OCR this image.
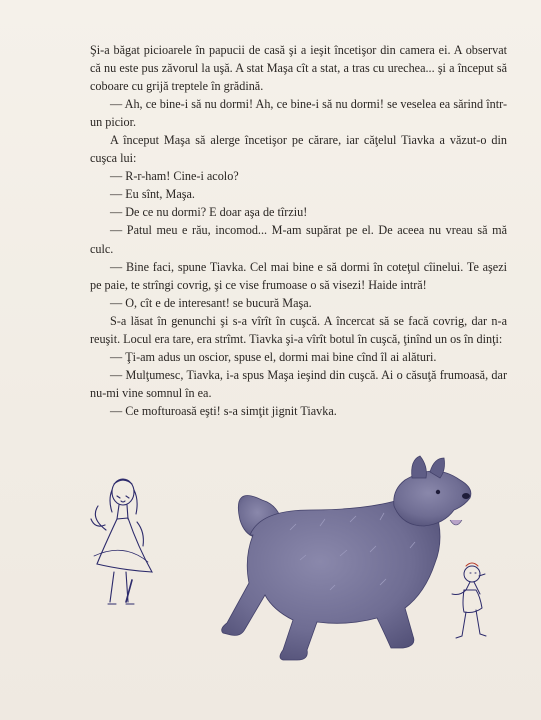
Şi-a băgat picioarele în papucii de casă şi a ieşit încetişor din camera ei. A observat că nu este pus zăvorul la uşă. A stat Maşa cît a stat, a tras cu urechea... şi a început să coboare cu grijă treptele în grădină.

— Ah, ce bine-i să nu dormi! Ah, ce bine-i să nu dormi! se veselea ea sărind într-un picior.

A început Maşa să alerge încetişor pe cărare, iar căţelul Tiavka a văzut-o din cuşca lui:

— R-r-ham! Cine-i acolo?

— Eu sînt, Maşa.

— De ce nu dormi? E doar aşa de tîrziu!

— Patul meu e rău, incomod... M-am supărat pe el. De aceea nu vreau să mă culc.

— Bine faci, spune Tiavka. Cel mai bine e să dormi în coteţul cîinelui. Te aşezi pe paie, te strîngi covrig, şi ce vise frumoase o să visezi! Haide intră!

— O, cît e de interesant! se bucură Maşa.

S-a lăsat în genunchi şi s-a vîrît în cuşcă. A încercat să se facă covrig, dar n-a reuşit. Locul era tare, era strîmt. Tiavka şi-a vîrît botul în cuşcă, ţinînd un os în dinţi:

— Ţi-am adus un oscior, spuse el, dormi mai bine cînd îl ai alături.

— Mulţumesc, Tiavka, i-a spus Maşa ieşind din cuşcă. Ai o căsuţă frumoasă, dar nu-mi vine somnul în ea.

— Ce mofturoasă eşti! s-a simţit jignit Tiavka.
